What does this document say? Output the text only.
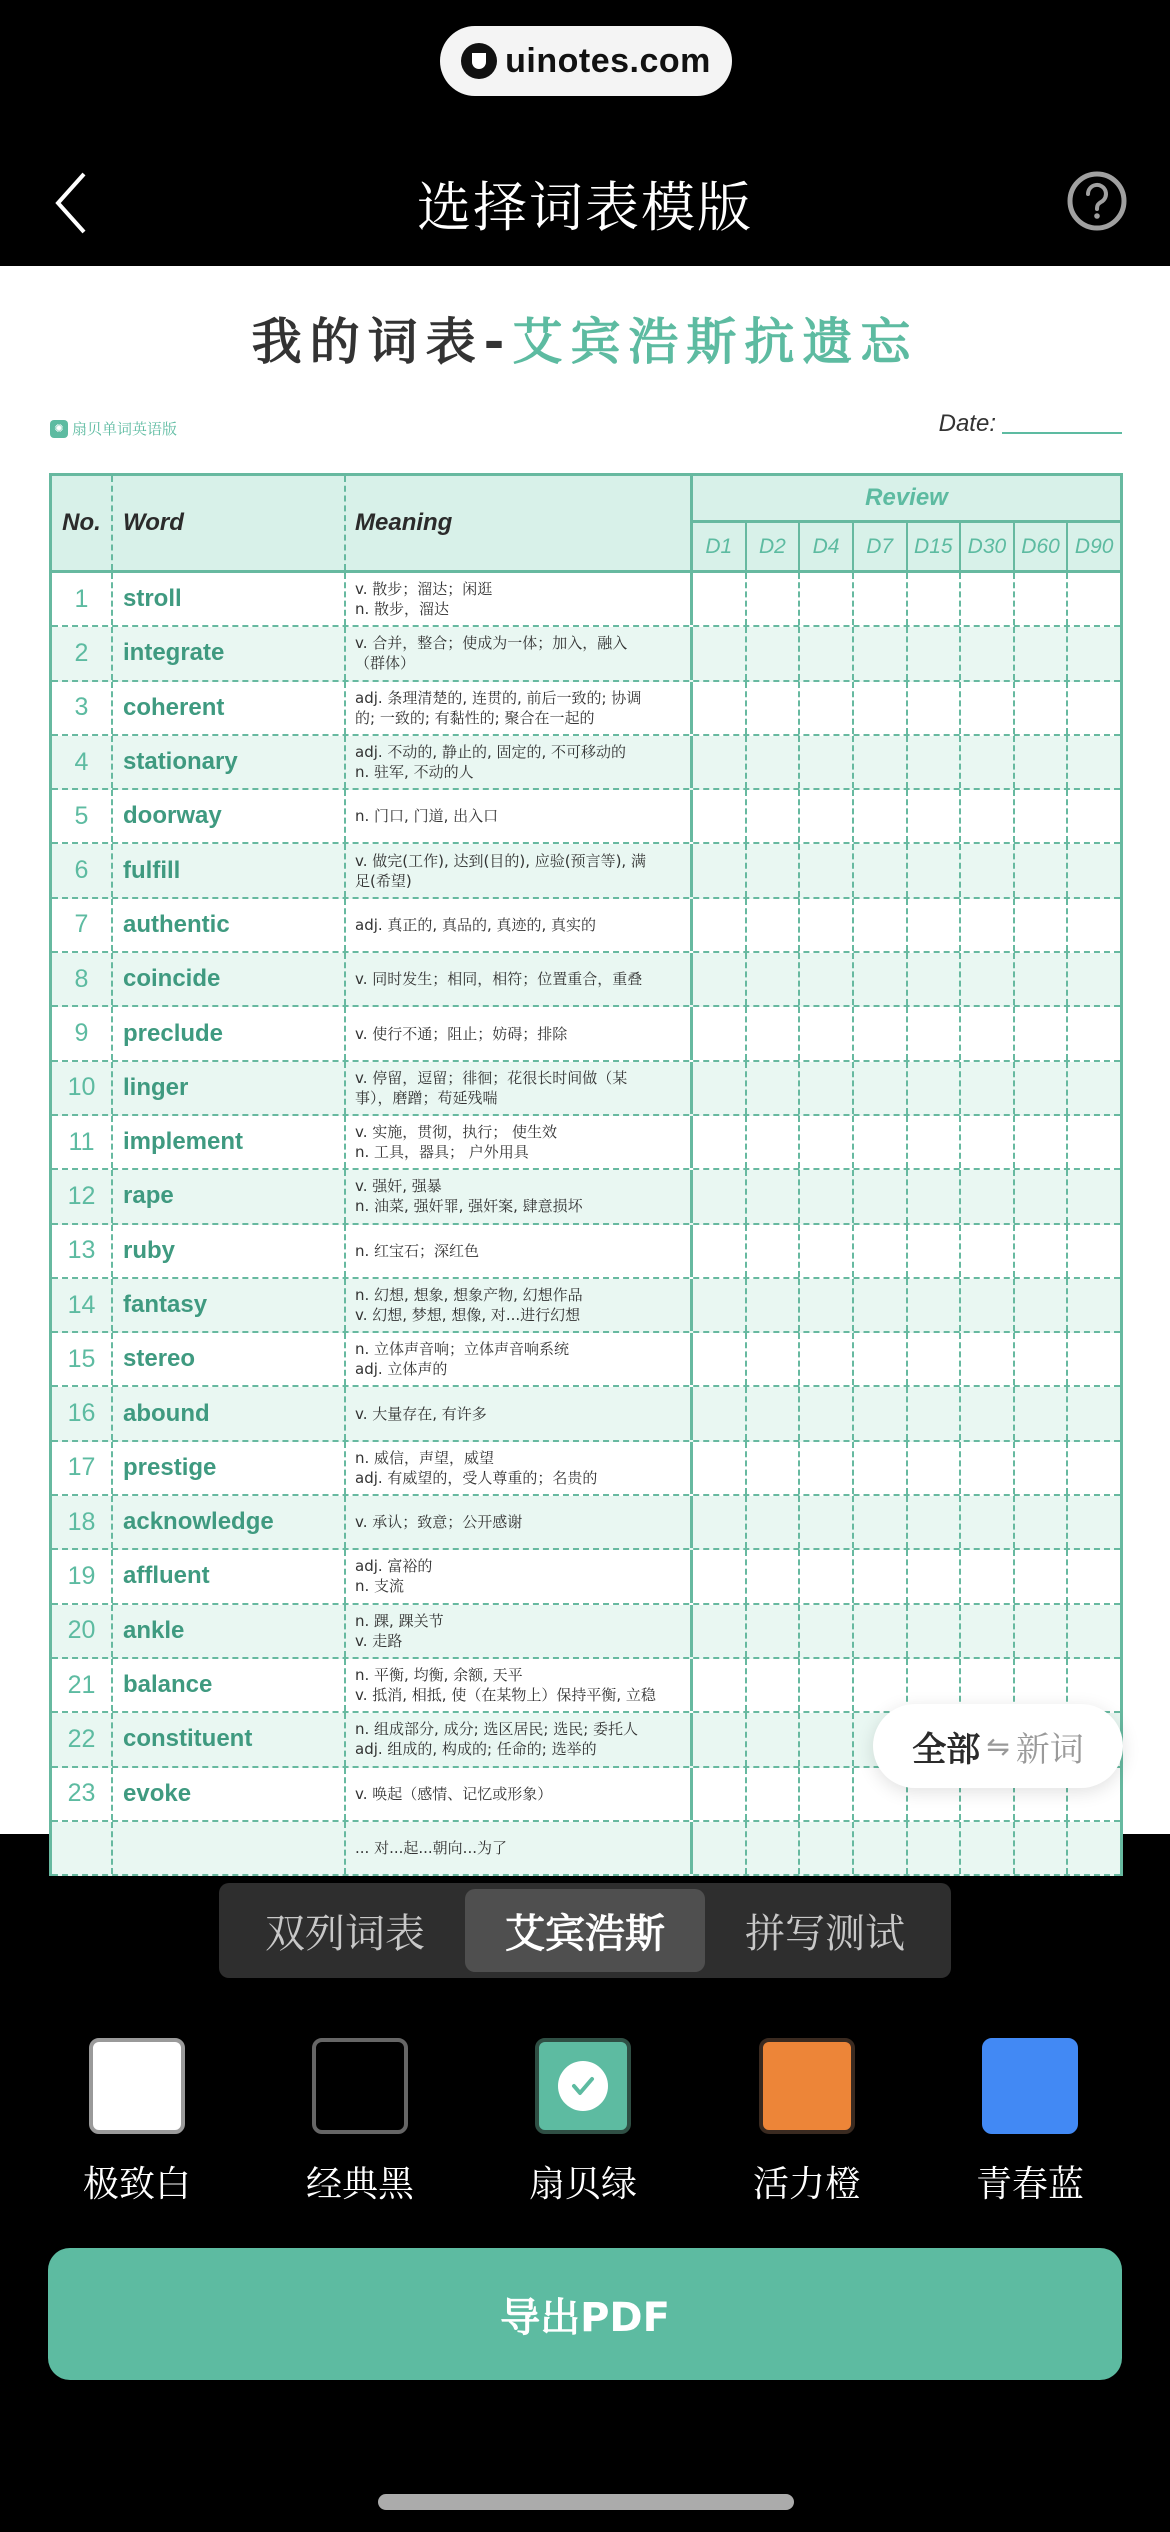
uinotes.com
选择词表模版
我的词表-艾宾浩斯抗遗忘
✺ 扇贝单词英语版	Date:
No. Word	Meaning
Review
D1	D2	D4	D7 D15 D30 D60 D90
1	stroll	v. 散步；溜达；闲逛
n. 散步，溜达
2	integrate	v. 合并，整合；使成为一体；加入，融入
（群体）
3	coherent	adj. 条理清楚的, 连贯的, 前后一致的; 协调
的; 一致的; 有黏性的; 聚合在一起的
4	stationary	adj. 不动的, 静止的, 固定的, 不可移动的
n. 驻军, 不动的人
5	doorway	n. 门口, 门道, 出入口
6	fulfill	v. 做完(工作), 达到(目的), 应验(预言等), 满
足(希望)
7	authentic	adj. 真正的, 真品的, 真迹的, 真实的
8	coincide	v. 同时发生；相同，相符；位置重合，重叠
9	preclude	v. 使行不通；阻止；妨碍；排除
10	linger	v. 停留，逗留；徘徊；花很长时间做（某
事），磨蹭；苟延残喘
11	implement	v. 实施，贯彻，执行； 使生效
n. 工具，器具； 户外用具
12	rape	v. 强奸, 强暴
n. 油菜, 强奸罪, 强奸案, 肆意损坏
13	ruby	n. 红宝石；深红色
14	fantasy	n. 幻想, 想象, 想象产物, 幻想作品
v. 幻想, 梦想, 想像, 对...进行幻想
15	stereo	n. 立体声音响；立体声音响系统
adj. 立体声的
16	abound	v. 大量存在, 有许多
17	prestige	n. 威信，声望，威望
adj. 有威望的，受人尊重的；名贵的
18	acknowledge	v. 承认；致意；公开感谢
19	affluent	adj. 富裕的
n. 支流
20	ankle	n. 踝, 踝关节
v. 走路
21	balance	n. 平衡, 均衡, 余额, 天平
v. 抵消, 相抵, 使（在某物上）保持平衡, 立稳
22	constituent	n. 组成部分, 成分; 选区居民; 选民; 委托人
adj. 组成的, 构成的; 任命的; 选举的
23	evoke	v. 唤起（感情、记忆或形象）
... 对...起...朝向...为了
全部 ⇋ 新词
双列词表	艾宾浩斯	拼写测试
极致白	经典黑	扇贝绿	活力橙	青春蓝
导出PDF
